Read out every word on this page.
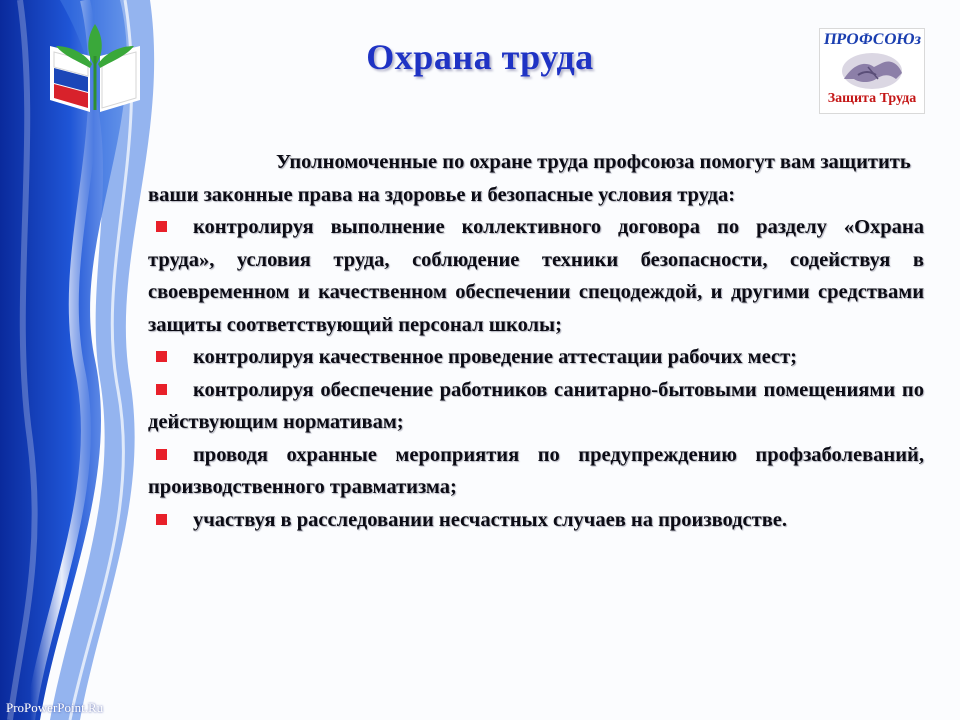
Охрана труда	ПРОФСОЮз
Защита Труда
Уполномоченные по охране труда профсоюза помогут вам защитить ваши законные права на здоровье и безопасные условия труда:
контролируя выполнение коллективного договора по разделу «Охрана труда», условия труда, соблюдение техники безопасности, содействуя в своевременном и качественном обеспечении спецодеждой, и другими средствами защиты соответствующий персонал школы;
контролируя качественное проведение аттестации рабочих мест;
контролируя обеспечение работников санитарно-бытовыми помещениями по действующим нормативам;
проводя охранные мероприятия по предупреждению профзаболеваний, производственного травматизма;
участвуя в расследовании несчастных случаев на производстве.
ProPowerPoint.Ru
